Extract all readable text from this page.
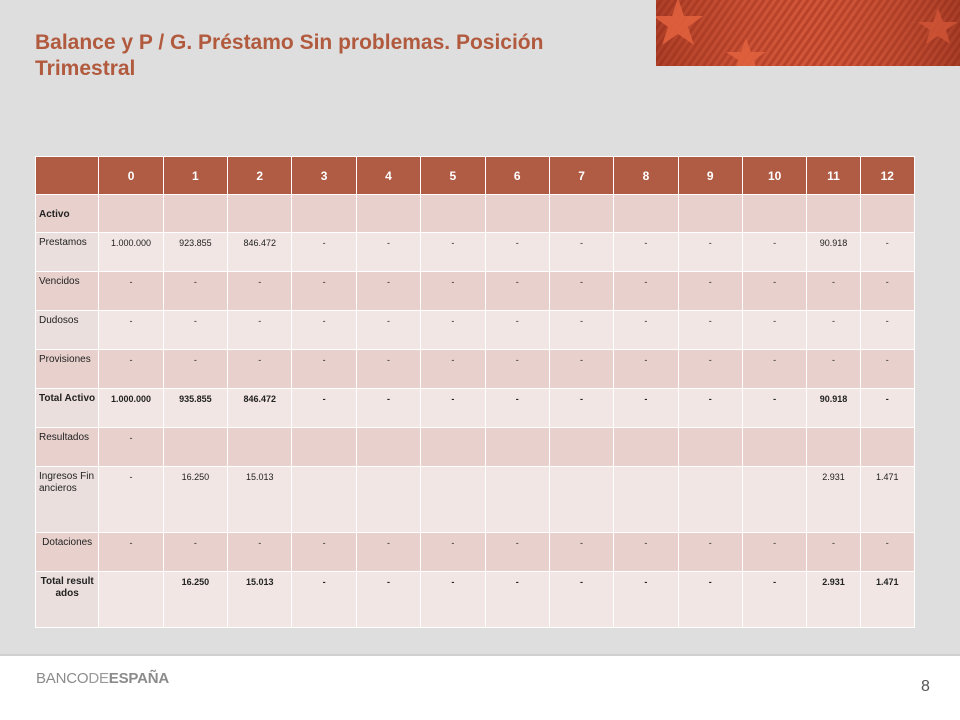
Balance y P / G. Préstamo Sin problemas. Posición Trimestral
	0	1	2	3	4	5	6	7	8	9	10	11	12
Activo													
Prestamos	1.000.000	923.855	846.472	-	-	-	-	-	-	-	-	90.918	-
Vencidos	-	-	-	-	-	-	-	-	-	-	-	-	-
Dudosos	-	-	-	-	-	-	-	-	-	-	-	-	-
Provisiones	-	-	-	-	-	-	-	-	-	-	-	-	-
Total Activo	1.000.000	935.855	846.472	-	-	-	-	-	-	-	-	90.918	-
Resultados	-												
Ingresos Financieros	-	16.250	15.013									2.931	1.471
Dotaciones	-	-	-	-	-	-	-	-	-	-	-	-	-
Total resultados		16.250	15.013	-	-	-	-	-	-	-	-	2.931	1.471
BANCODEESPAÑA	8
